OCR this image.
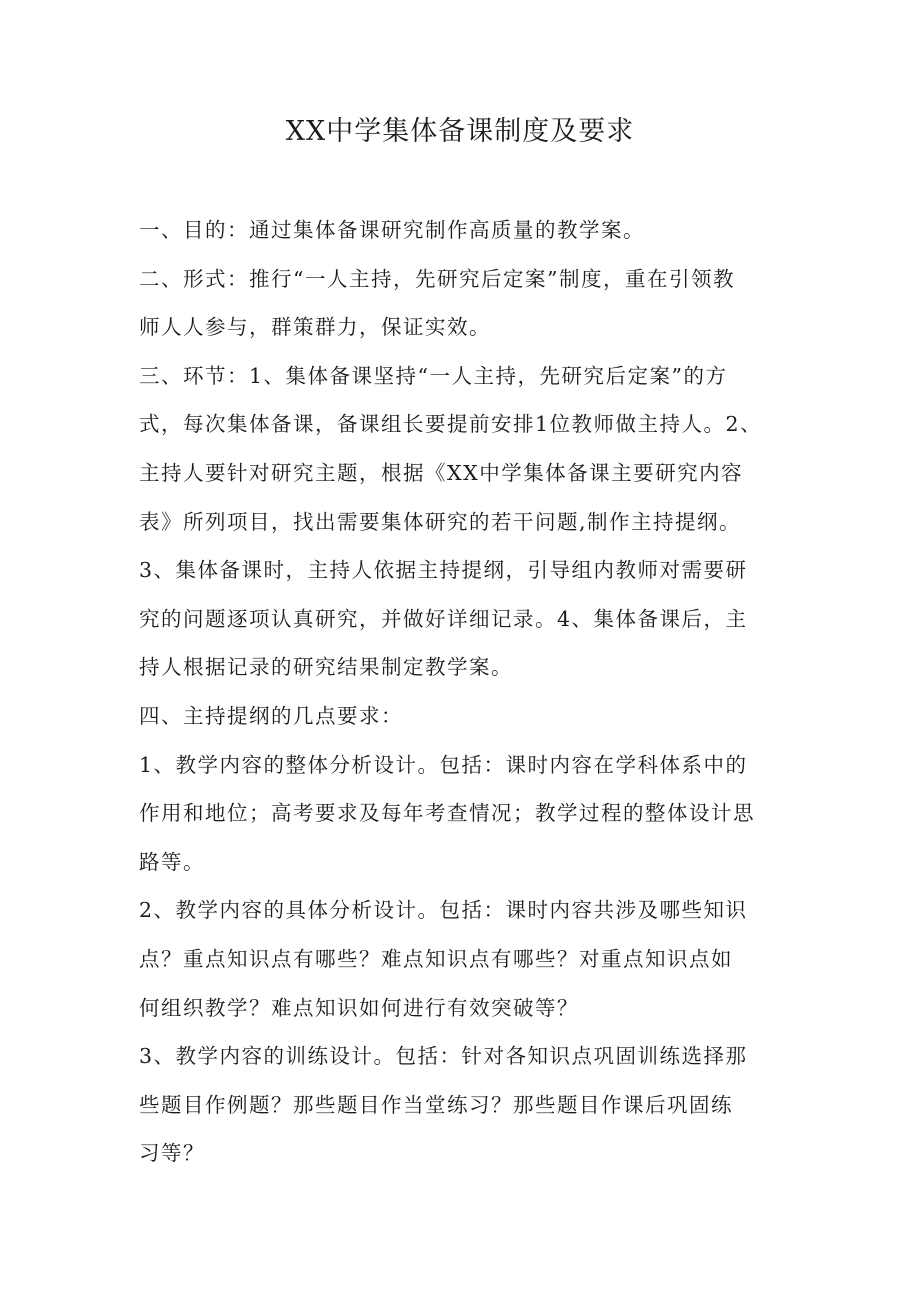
XX中学集体备课制度及要求
一、目的：通过集体备课研究制作高质量的教学案。
二、形式：推行“一人主持，先研究后定案”制度，重在引领教
师人人参与，群策群力，保证实效。
三、环节：1、集体备课坚持“一人主持，先研究后定案”的方
式，每次集体备课，备课组长要提前安排1位教师做主持人。2、
主持人要针对研究主题，根据《XX中学集体备课主要研究内容
表》所列项目，找出需要集体研究的若干问题,制作主持提纲。
3、集体备课时，主持人依据主持提纲，引导组内教师对需要研
究的问题逐项认真研究，并做好详细记录。4、集体备课后，主
持人根据记录的研究结果制定教学案。
四、主持提纲的几点要求：
1、教学内容的整体分析设计。包括：课时内容在学科体系中的
作用和地位；高考要求及每年考查情况；教学过程的整体设计思
路等。
2、教学内容的具体分析设计。包括：课时内容共涉及哪些知识
点？重点知识点有哪些？难点知识点有哪些？对重点知识点如
何组织教学？难点知识如何进行有效突破等？
3、教学内容的训练设计。包括：针对各知识点巩固训练选择那
些题目作例题？那些题目作当堂练习？那些题目作课后巩固练
习等？
